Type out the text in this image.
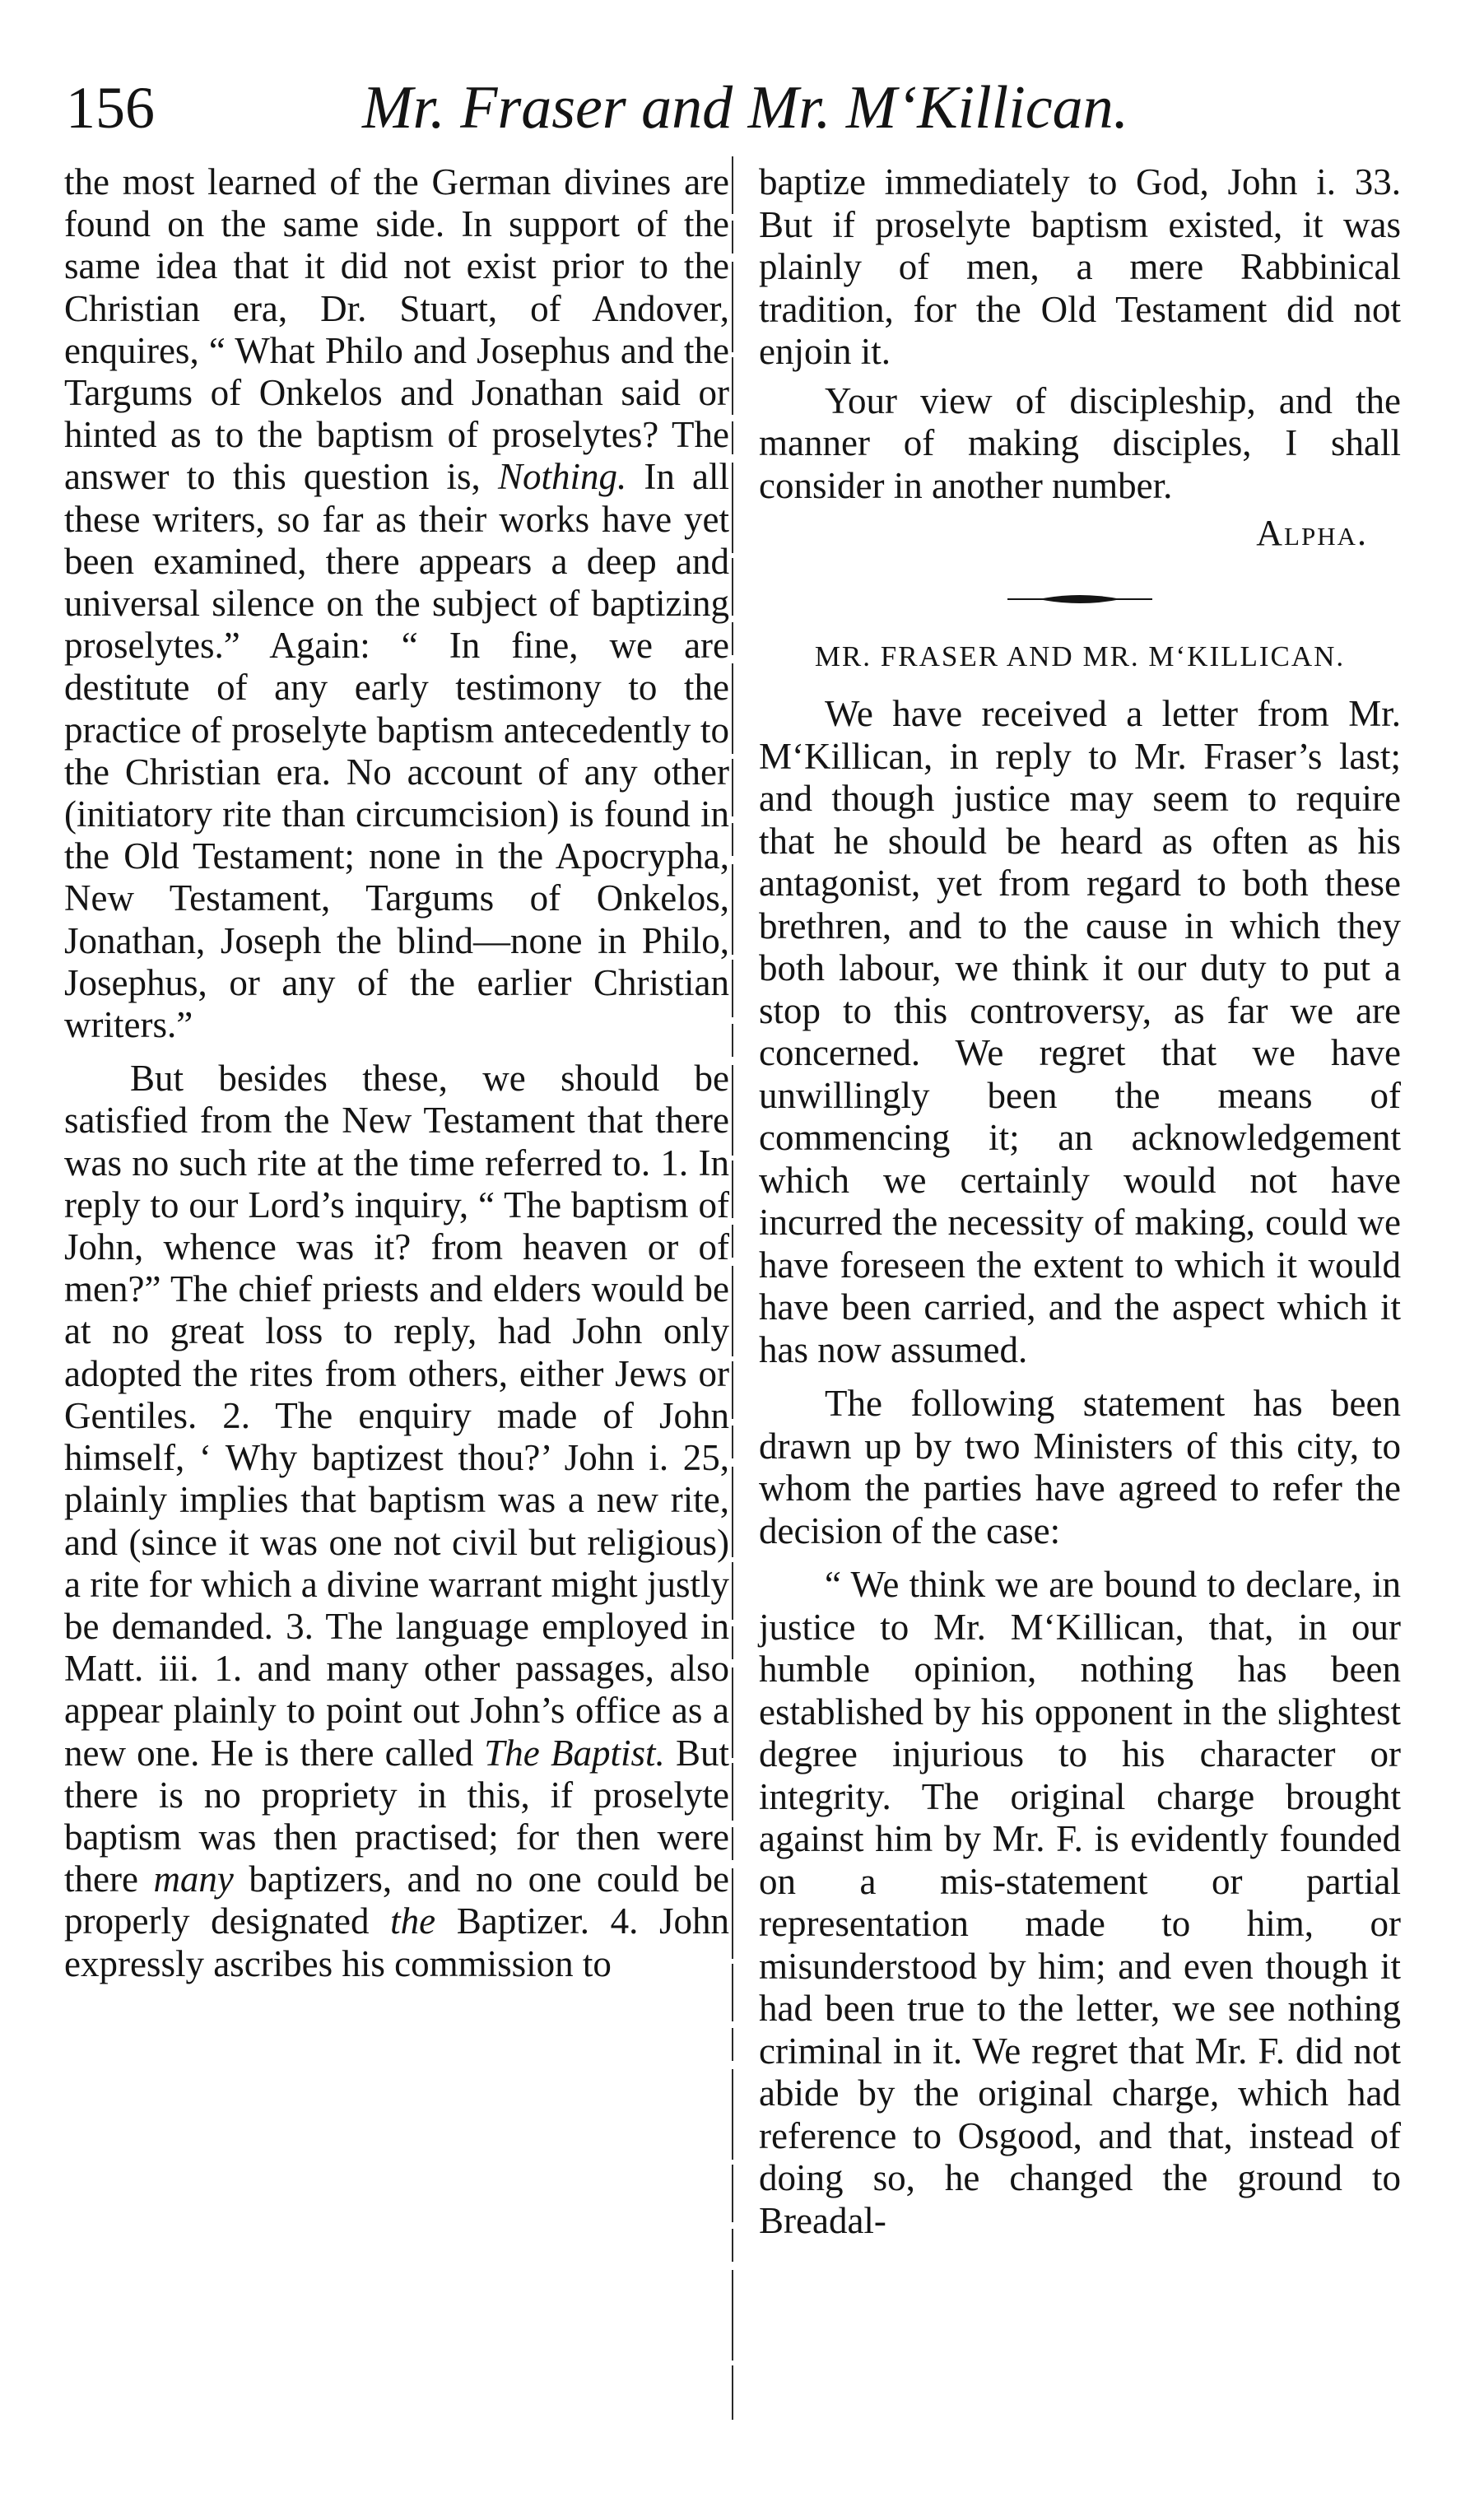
156	Mr. Fraser and Mr. M‘Killican.

the most learned of the German divines are found on the same side. In support of the same idea that it did not exist prior to the Christian era, Dr. Stuart, of Andover, enquires, “ What Philo and Josephus and the Targums of Onkelos and Jonathan said or hinted as to the baptism of proselytes? The answer to this question is, Nothing. In all these writers, so far as their works have yet been examined, there appears a deep and universal silence on the subject of baptizing proselytes.” Again: “ In fine, we are destitute of any early testimony to the practice of proselyte baptism antecedently to the Christian era. No account of any other (initiatory rite than circumcision) is found in the Old Testament; none in the Apocrypha, New Testament, Targums of Onkelos, Jonathan, Joseph the blind—none in Philo, Josephus, or any of the earlier Christian writers.”

But besides these, we should be satisfied from the New Testament that there was no such rite at the time referred to. 1. In reply to our Lord’s inquiry, “ The baptism of John, whence was it? from heaven or of men?” The chief priests and elders would be at no great loss to reply, had John only adopted the rites from others, either Jews or Gentiles. 2. The enquiry made of John himself, ‘ Why baptizest thou?’ John i. 25, plainly implies that baptism was a new rite, and (since it was one not civil but religious) a rite for which a divine warrant might justly be demanded. 3. The language employed in Matt. iii. 1. and many other passages, also appear plainly to point out John’s office as a new one. He is there called The Baptist. But there is no propriety in this, if proselyte baptism was then practised; for then were there many baptizers, and no one could be properly designated the Baptizer. 4. John expressly ascribes his commission to

baptize immediately to God, John i. 33. But if proselyte baptism existed, it was plainly of men, a mere Rabbinical tradition, for the Old Testament did not enjoin it.

Your view of discipleship, and the manner of making disciples, I shall consider in another number.

Alpha.
MR. FRASER AND MR. M‘KILLICAN.

We have received a letter from Mr. M‘Killican, in reply to Mr. Fraser’s last; and though justice may seem to require that he should be heard as often as his antagonist, yet from regard to both these brethren, and to the cause in which they both labour, we think it our duty to put a stop to this controversy, as far we are concerned. We regret that we have unwillingly been the means of commencing it; an acknowledgement which we certainly would not have incurred the necessity of making, could we have foreseen the extent to which it would have been carried, and the aspect which it has now assumed.

The following statement has been drawn up by two Ministers of this city, to whom the parties have agreed to refer the decision of the case:

“ We think we are bound to declare, in justice to Mr. M‘Killican, that, in our humble opinion, nothing has been established by his opponent in the slightest degree injurious to his character or integrity. The original charge brought against him by Mr. F. is evidently founded on a mis-statement or partial representation made to him, or misunderstood by him; and even though it had been true to the letter, we see nothing criminal in it. We regret that Mr. F. did not abide by the original charge, which had reference to Osgood, and that, instead of doing so, he changed the ground to Breadal-
